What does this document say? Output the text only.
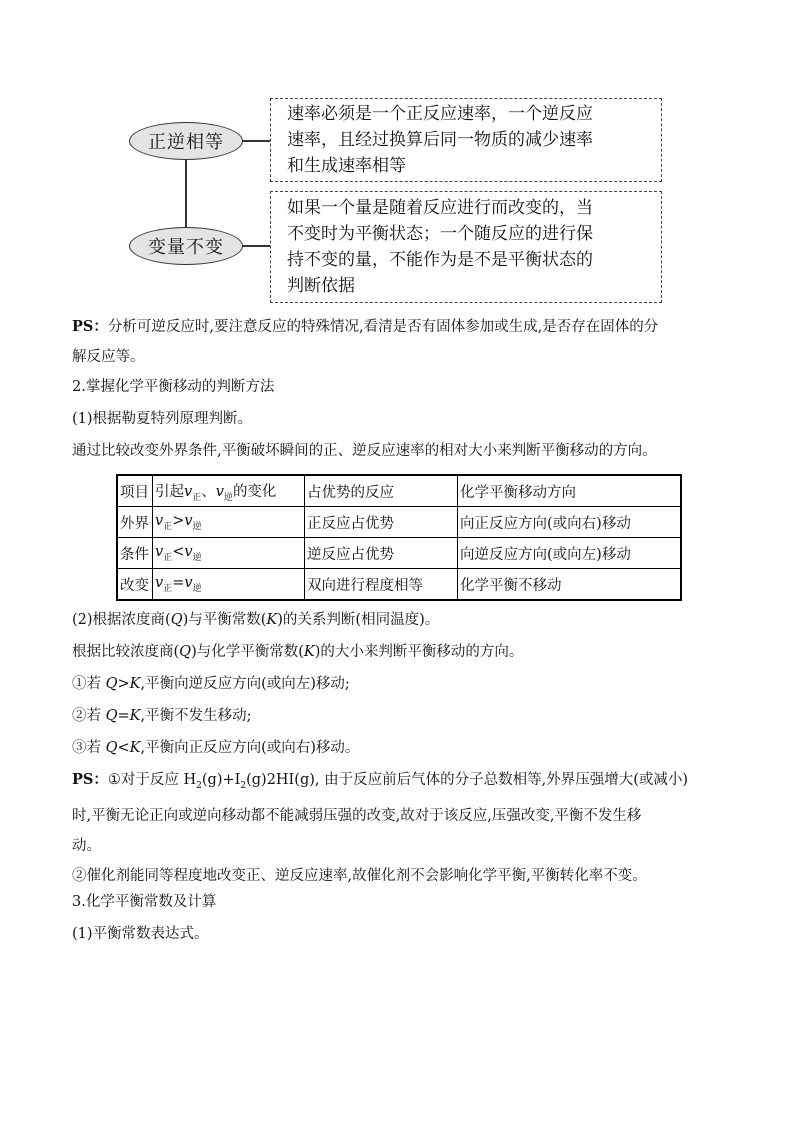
正逆相等
变量不变
速率必须是一个正反应速率，一个逆反应
速率，且经过换算后同一物质的减少速率
和生成速率相等
如果一个量是随着反应进行而改变的，当
不变时为平衡状态；一个随反应的进行保
持不变的量，不能作为是不是平衡状态的
判断依据

PS：分析可逆反应时,要注意反应的特殊情况,看清是否有固体参加或生成,是否存在固体的分
解反应等。

2.掌握化学平衡移动的判断方法

(1)根据勒夏特列原理判断。

通过比较改变外界条件,平衡破坏瞬间的正、逆反应速率的相对大小来判断平衡移动的方向。

项目	引起$v_正$、$v_逆$的变化	占优势的反应	化学平衡移动方向
外界	$v_正>v_逆$	正反应占优势	向正反应方向(或向右)移动
条件	$v_正<v_逆$	逆反应占优势	向逆反应方向(或向左)移动
改变	$v_正=v_逆$	双向进行程度相等	化学平衡不移动

(2)根据浓度商(Q)与平衡常数(K)的关系判断(相同温度)。

根据比较浓度商(Q)与化学平衡常数(K)的大小来判断平衡移动的方向。

①若 Q>K,平衡向逆反应方向(或向左)移动;

②若 Q=K,平衡不发生移动;

③若 Q<K,平衡向正反应方向(或向右)移动。

PS：①对于反应 $H_2(g)+I_2(g)2HI(g)$, 由于反应前后气体的分子总数相等,外界压强增大(或减小)
时,平衡无论正向或逆向移动都不能减弱压强的改变,故对于该反应,压强改变,平衡不发生移
动。
②催化剂能同等程度地改变正、逆反应速率,故催化剂不会影响化学平衡,平衡转化率不变。

3.化学平衡常数及计算

(1)平衡常数表达式。
